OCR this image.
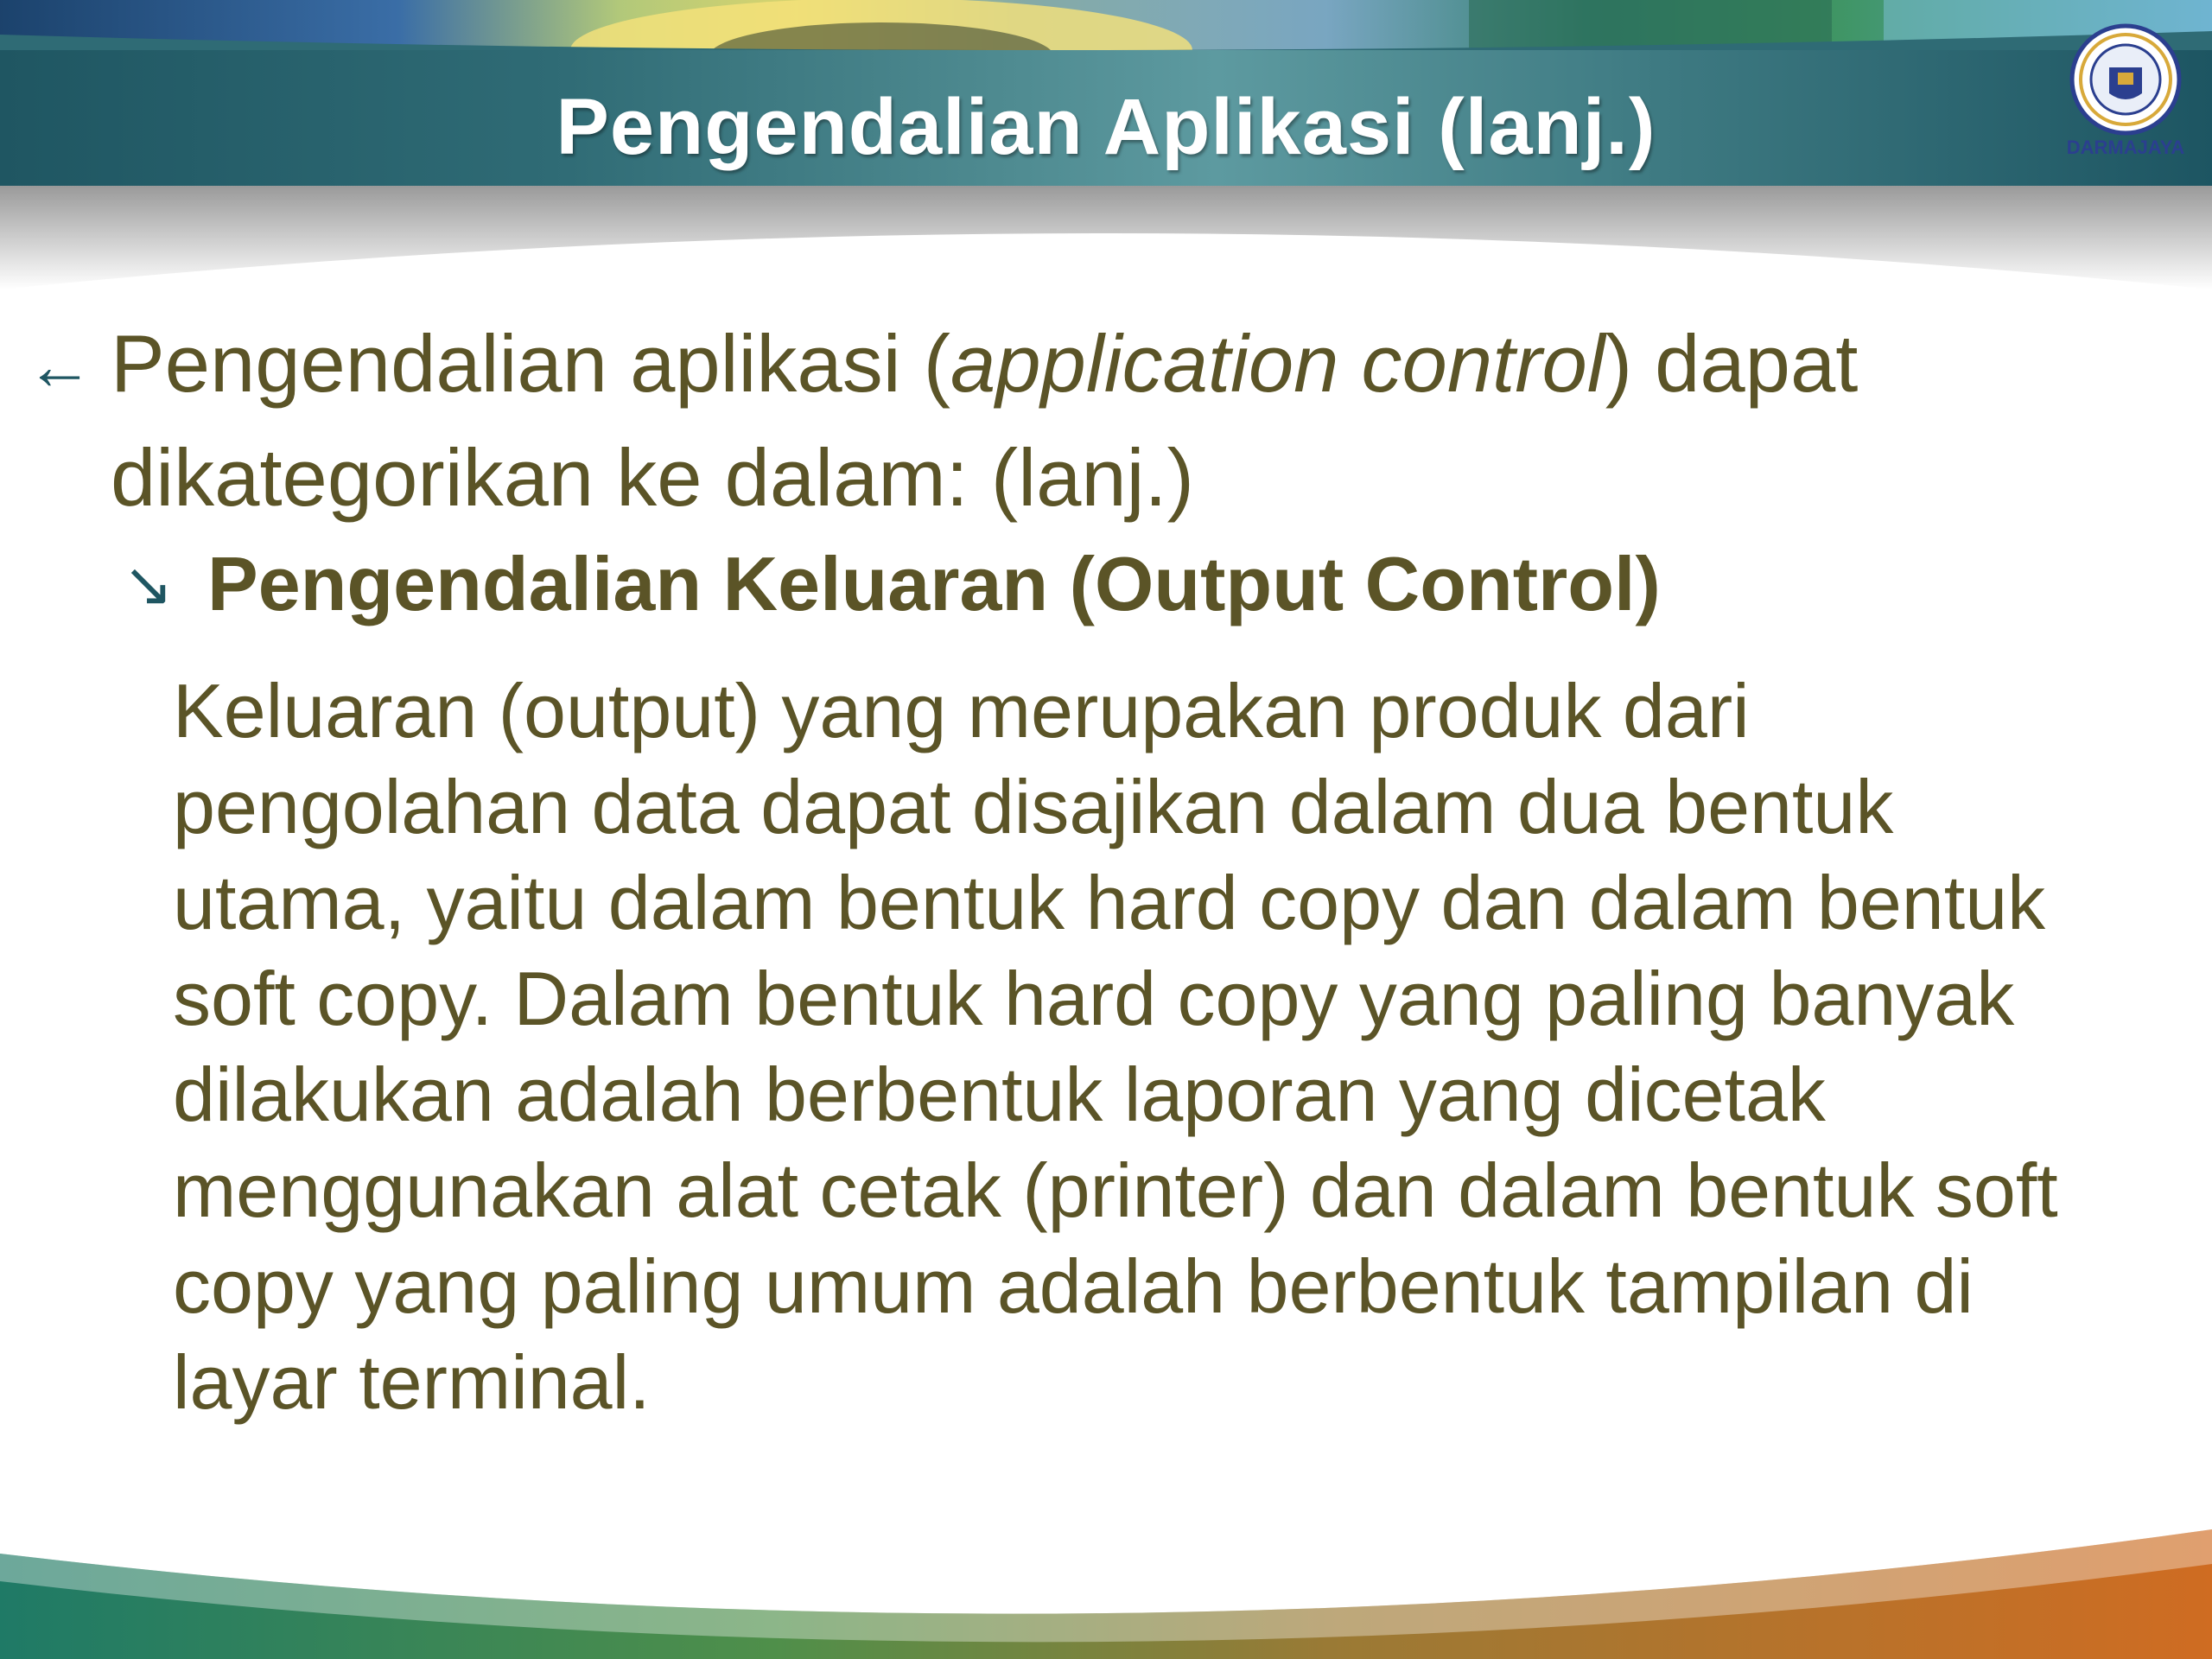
DARMAJAYA
Pengendalian Aplikasi (lanj.)
← Pengendalian aplikasi (application control) dapat
dikategorikan ke dalam: (lanj.)
↘ Pengendalian Keluaran (Output Control)
Keluaran (output) yang merupakan produk dari
pengolahan data dapat disajikan dalam dua bentuk
utama, yaitu dalam bentuk hard copy dan dalam bentuk
soft copy. Dalam bentuk hard copy yang paling banyak
dilakukan adalah berbentuk laporan yang dicetak
menggunakan alat cetak (printer) dan dalam bentuk soft
copy yang paling umum adalah berbentuk tampilan di
layar terminal.
